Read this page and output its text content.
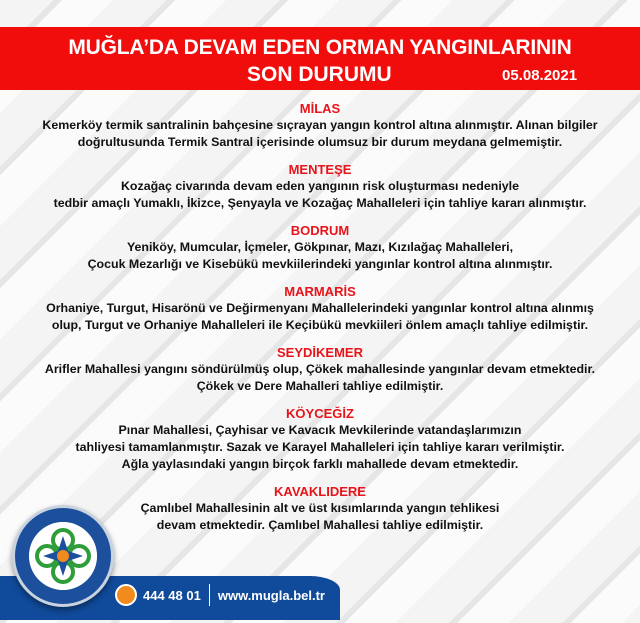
MUĞLA’DA DEVAM EDEN ORMAN YANGINLARININ
SON DURUMU	05.08.2021
MİLAS
Kemerköy termik santralinin bahçesine sıçrayan yangın kontrol altına alınmıştır. Alınan bilgiler
doğrultusunda Termik Santral içerisinde olumsuz bir durum meydana gelmemiştir.
MENTEŞE
Kozağaç civarında devam eden yangının risk oluşturması nedeniyle
tedbir amaçlı Yumaklı, İkizce, Şenyayla ve Kozağaç Mahalleleri için tahliye kararı alınmıştır.
BODRUM
Yeniköy, Mumcular, İçmeler, Gökpınar, Mazı, Kızılağaç Mahalleleri,
Çocuk Mezarlığı ve Kisebükü mevkiilerindeki yangınlar kontrol altına alınmıştır.
MARMARİS
Orhaniye, Turgut, Hisarönü ve Değirmenyanı Mahallelerindeki yangınlar kontrol altına alınmış
olup, Turgut ve Orhaniye Mahalleleri ile Keçibükü mevkiileri önlem amaçlı tahliye edilmiştir.
SEYDİKEMER
Arifler Mahallesi yangını söndürülmüş olup, Çökek mahallesinde yangınlar devam etmektedir.
Çökek ve Dere Mahalleri tahliye edilmiştir.
KÖYCEĞİZ
Pınar Mahallesi, Çayhisar ve Kavacık Mevkilerinde vatandaşlarımızın
tahliyesi tamamlanmıştır. Sazak ve Karayel Mahalleleri için tahliye kararı verilmiştir.
Ağla yaylasındaki yangın birçok farklı mahallede devam etmektedir.
KAVAKLIDERE
Çamlıbel Mahallesinin alt ve üst kısımlarında yangın tehlikesi
devam etmektedir. Çamlıbel Mahallesi tahliye edilmiştir.
444 48 01 www.mugla.bel.tr
